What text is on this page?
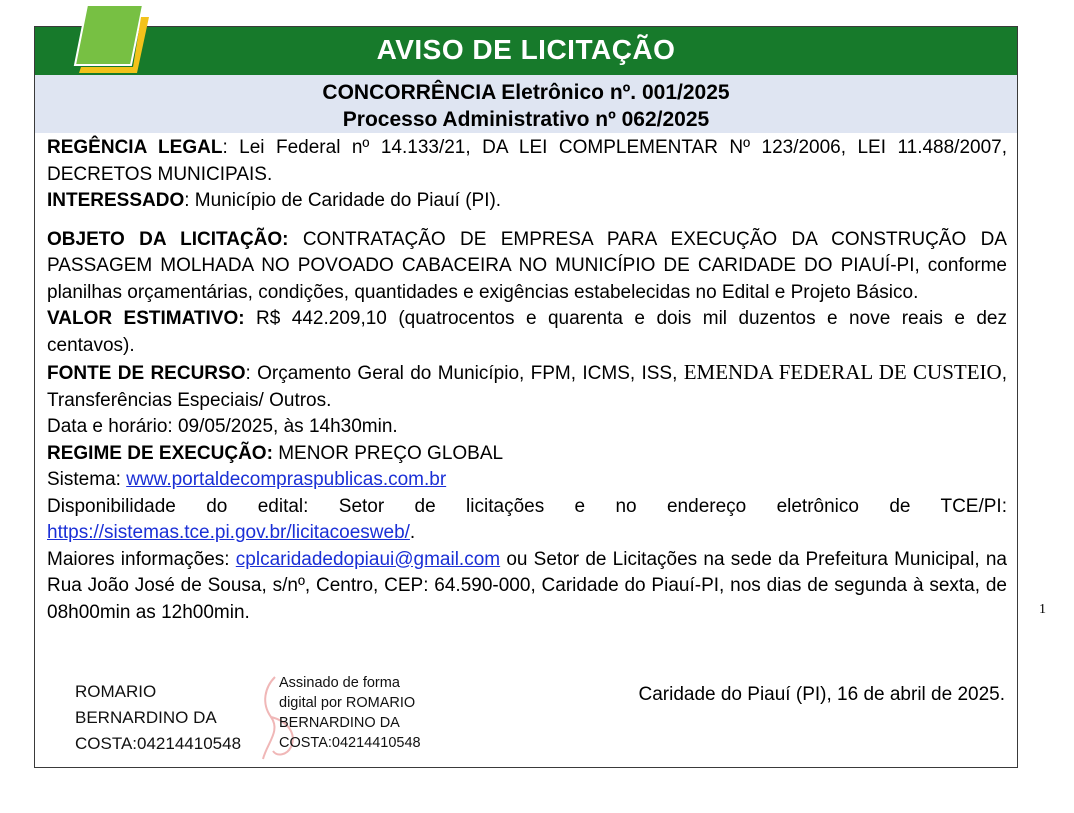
AVISO DE LICITAÇÃO
CONCORRÊNCIA Eletrônico nº. 001/2025
Processo Administrativo nº 062/2025

REGÊNCIA LEGAL: Lei Federal nº 14.133/21, DA LEI COMPLEMENTAR Nº 123/2006, LEI 11.488/2007, DECRETOS MUNICIPAIS.

INTERESSADO: Município de Caridade do Piauí (PI).

OBJETO DA LICITAÇÃO: CONTRATAÇÃO DE EMPRESA PARA EXECUÇÃO DA CONSTRUÇÃO DA PASSAGEM MOLHADA NO POVOADO CABACEIRA NO MUNICÍPIO DE CARIDADE DO PIAUÍ-PI, conforme planilhas orçamentárias, condições, quantidades e exigências estabelecidas no Edital e Projeto Básico.

VALOR ESTIMATIVO: R$ 442.209,10 (quatrocentos e quarenta e dois mil duzentos e nove reais e dez centavos).

FONTE DE RECURSO: Orçamento Geral do Município, FPM, ICMS, ISS, EMENDA FEDERAL DE CUSTEIO, Transferências Especiais/ Outros.

Data e horário: 09/05/2025, às 14h30min.

REGIME DE EXECUÇÃO: MENOR PREÇO GLOBAL

Sistema: www.portaldecompraspublicas.com.br

Disponibilidade do edital: Setor de licitações e no endereço eletrônico de TCE/PI: https://sistemas.tce.pi.gov.br/licitacoesweb/.

Maiores informações: cplcaridadedopiaui@gmail.com ou Setor de Licitações na sede da Prefeitura Municipal, na Rua João José de Sousa, s/nº, Centro, CEP: 64.590-000, Caridade do Piauí-PI, nos dias de segunda à sexta, de 08h00min as 12h00min.

ROMARIO
BERNARDINO DA
COSTA:04214410548
Assinado de forma
digital por ROMARIO
BERNARDINO DA
COSTA:04214410548
Caridade do Piauí (PI), 16 de abril de 2025.
1
